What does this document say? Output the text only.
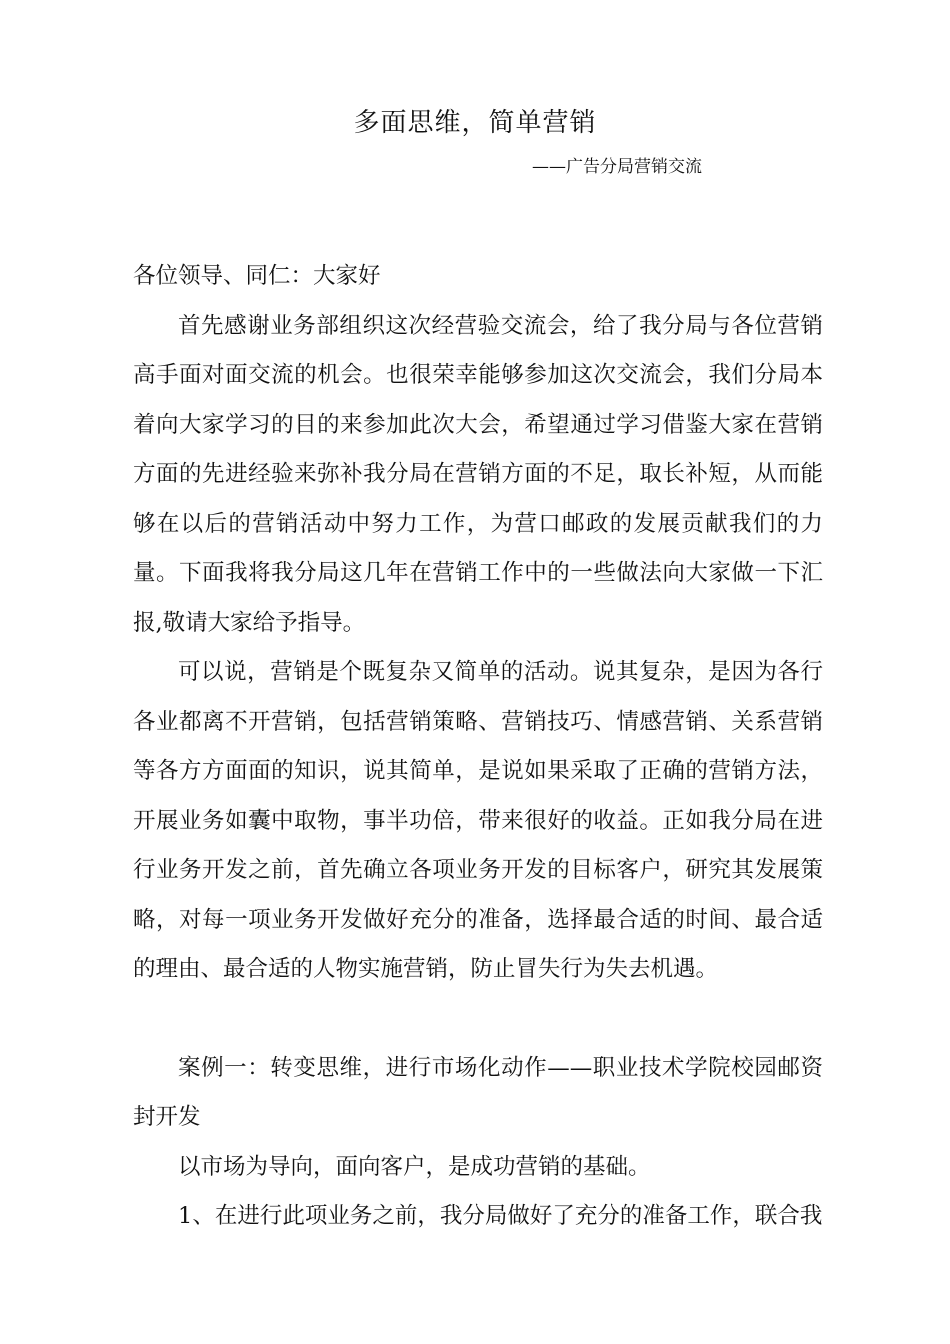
多面思维，简单营销
——广告分局营销交流

各位领导、同仁：大家好

首先感谢业务部组织这次经营验交流会，给了我分局与各位营销高手面对面交流的机会。也很荣幸能够参加这次交流会，我们分局本着向大家学习的目的来参加此次大会，希望通过学习借鉴大家在营销方面的先进经验来弥补我分局在营销方面的不足，取长补短，从而能够在以后的营销活动中努力工作，为营口邮政的发展贡献我们的力量。下面我将我分局这几年在营销工作中的一些做法向大家做一下汇报,敬请大家给予指导。

可以说，营销是个既复杂又简单的活动。说其复杂，是因为各行各业都离不开营销，包括营销策略、营销技巧、情感营销、关系营销等各方方面面的知识，说其简单，是说如果采取了正确的营销方法，开展业务如囊中取物，事半功倍，带来很好的收益。正如我分局在进行业务开发之前，首先确立各项业务开发的目标客户，研究其发展策略，对每一项业务开发做好充分的准备，选择最合适的时间、最合适的理由、最合适的人物实施营销，防止冒失行为失去机遇。

案例一：转变思维，进行市场化动作——职业技术学院校园邮资封开发

以市场为导向，面向客户，是成功营销的基础。

1、在进行此项业务之前，我分局做好了充分的准备工作，联合我
